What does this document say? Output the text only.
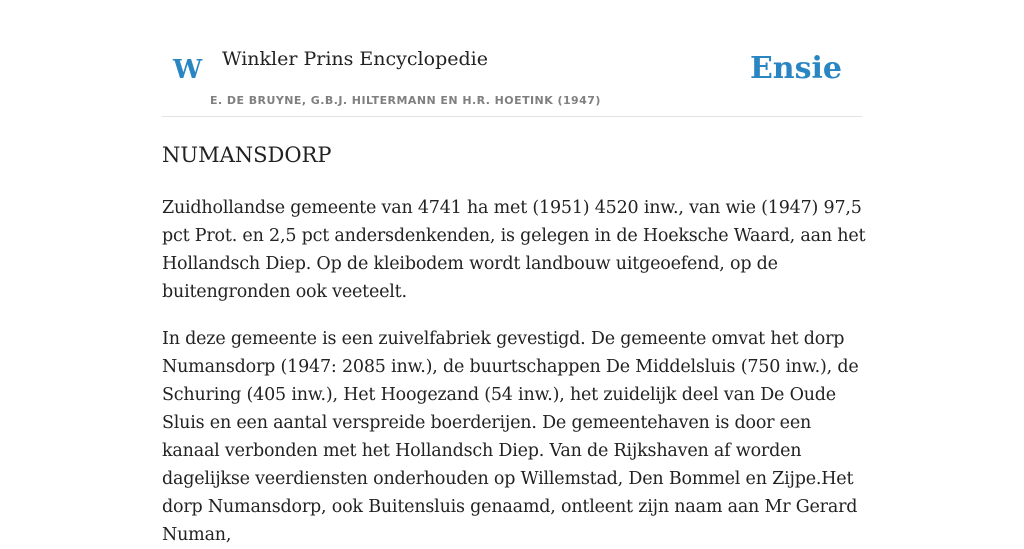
W Winkler Prins Encyclopedie
E. DE BRUYNE, G.B.J. HILTERMANN EN H.R. HOETINK (1947)
Ensie
NUMANSDORP

Zuidhollandse gemeente van 4741 ha met (1951) 4520 inw., van wie (1947) 97,5 pct Prot. en 2,5 pct andersdenkenden, is gelegen in de Hoeksche Waard, aan het Hollandsch Diep. Op de kleibodem wordt landbouw uitgeoefend, op de buitengronden ook veeteelt.

In deze gemeente is een zuivelfabriek gevestigd. De gemeente omvat het dorp Numansdorp (1947: 2085 inw.), de buurtschappen De Middelsluis (750 inw.), de Schuring (405 inw.), Het Hoogezand (54 inw.), het zuidelijk deel van De Oude Sluis en een aantal verspreide boerderijen. De gemeentehaven is door een kanaal verbonden met het Hollandsch Diep. Van de Rijkshaven af worden dagelijkse veerdiensten onderhouden op Willemstad, Den Bommel en Zijpe.Het dorp Numansdorp, ook Buitensluis genaamd, ontleent zijn naam aan Mr Gerard Numan,
